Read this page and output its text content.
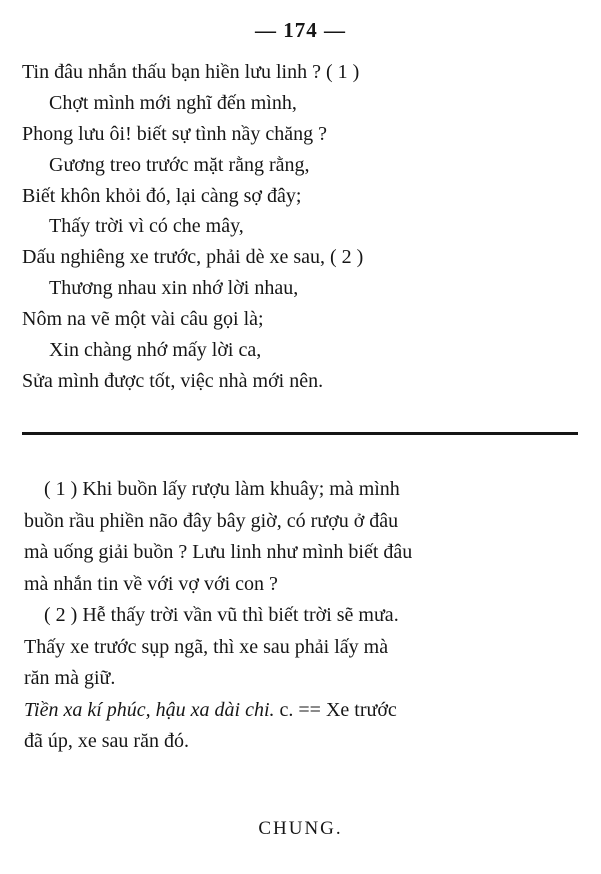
— 174 —
Tin đâu nhắn thấu bạn hiền lưu linh ? ( 1 )
Chợt mình mới nghĩ đến mình,
Phong lưu ôi! biết sự tình nầy chăng ?
Gương treo trước mặt rằng rằng,
Biết khôn khỏi đó, lại càng sợ đây;
Thấy trời vì có che mây,
Dấu nghiêng xe trước, phải dè xe sau, ( 2 )
Thương nhau xin nhớ lời nhau,
Nôm na vẽ một vài câu gọi là;
Xin chàng nhớ mấy lời ca,
Sửa mình được tốt, việc nhà mới nên.
( 1 ) Khi buồn lấy rượu làm khuây; mà mình
buồn rầu phiền não đây bây giờ, có rượu ở đâu
mà uống giải buồn ? Lưu linh như mình biết đâu
mà nhắn tin về với vợ với con ?
( 2 ) Hễ thấy trời vần vũ thì biết trời sẽ mưa.
Thấy xe trước sụp ngã, thì xe sau phải lấy mà
răn mà giữ.
Tiền xa kí phúc, hậu xa dài chi. c. == Xe trước
đã úp, xe sau răn đó.
CHUNG.
